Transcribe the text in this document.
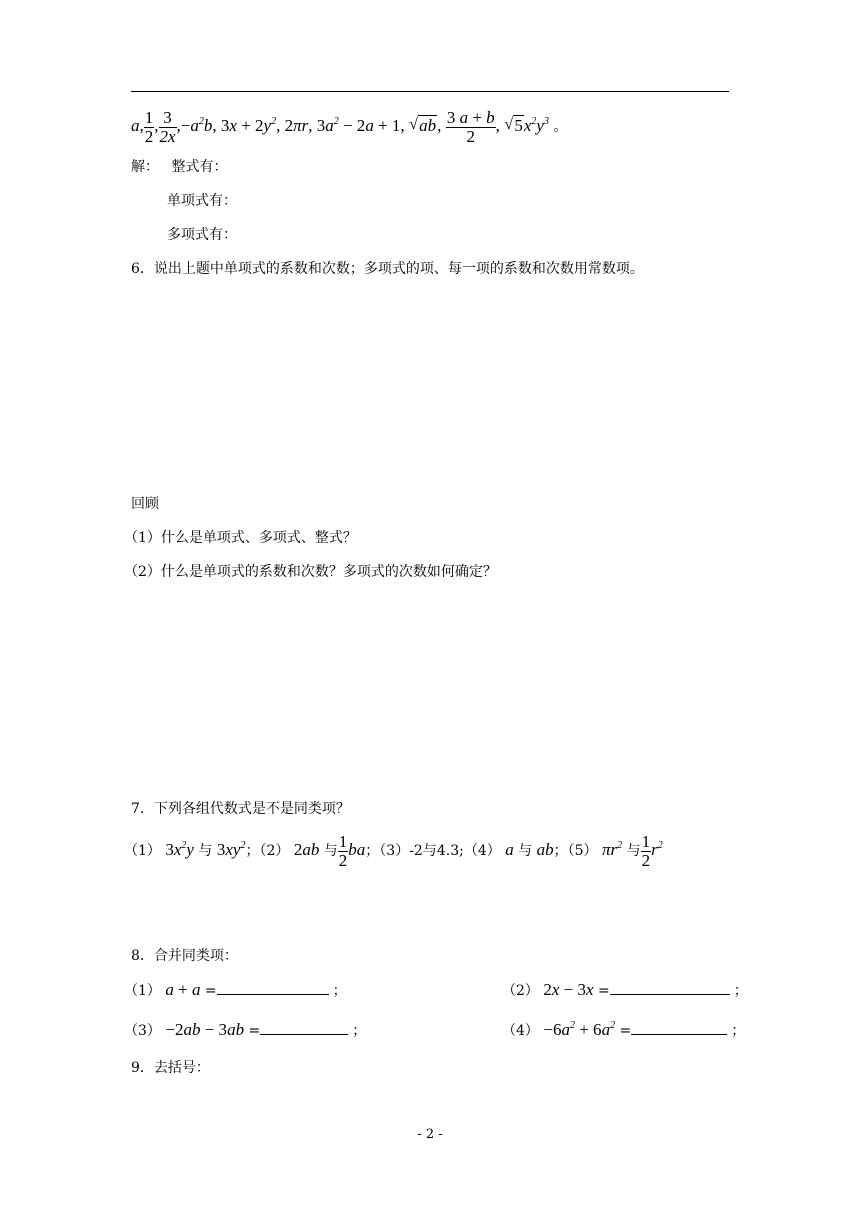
a, $\frac{1}{2}$ , $\frac{3}{2x} ,-a^2b$, $3x + 2y^2$, 2πr, $3a^2 - 2a + 1$, √ ab, $\frac{3 a + b}{2}$ , √ $5x^2y^3$ 。
解： 整式有：
单项式有：
多项式有：
6．说出上题中单项式的系数和次数；多项式的项、每一项的系数和次数用常数项。
回顾
（1）什么是单项式、多项式、整式？
（2）什么是单项式的系数和次数？多项式的次数如何确定？
7．下列各组代数式是不是同类项？
（1） $3x^2y$ 与 $3xy^2$；（2） 2ab 与 $\frac{1}{2}$ ba；（3）-2与4.3;（4） a 与 ab；（5） $\pi r^2$ 与 $\frac{1}{2} r^2$
8．合并同类项：
（1） a + a =	；	（2） 2x − 3x =	；
（3） −2ab − 3ab =	；	$(4) -6a^2 + 6a^2$ =	；
9．去括号：
- 2 -
